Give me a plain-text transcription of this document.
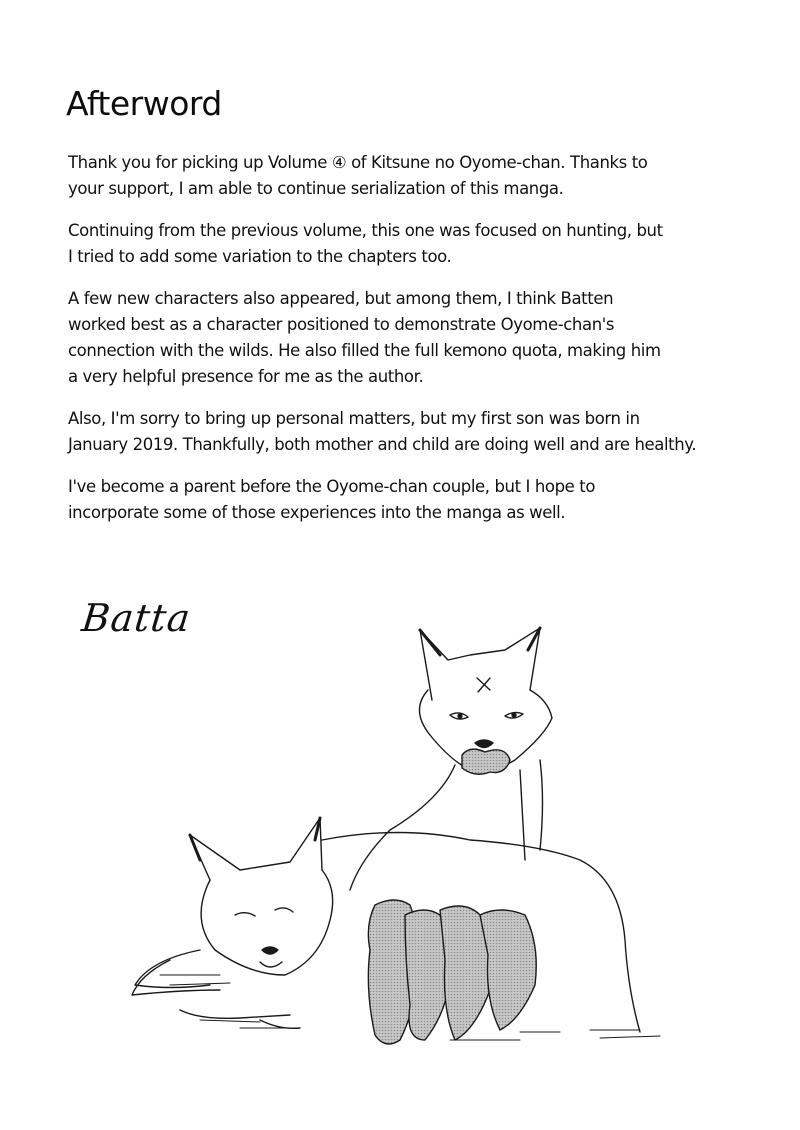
Afterword

Thank you for picking up Volume ④ of Kitsune no Oyome-chan. Thanks to
your support, I am able to continue serialization of this manga.

Continuing from the previous volume, this one was focused on hunting, but
I tried to add some variation to the chapters too.

A few new characters also appeared, but among them, I think Batten
worked best as a character positioned to demonstrate Oyome-chan's
connection with the wilds. He also filled the full kemono quota, making him
a very helpful presence for me as the author.

Also, I'm sorry to bring up personal matters, but my first son was born in
January 2019. Thankfully, both mother and child are doing well and are healthy.

I've become a parent before the Oyome-chan couple, but I hope to
incorporate some of those experiences into the manga as well.

Batta
